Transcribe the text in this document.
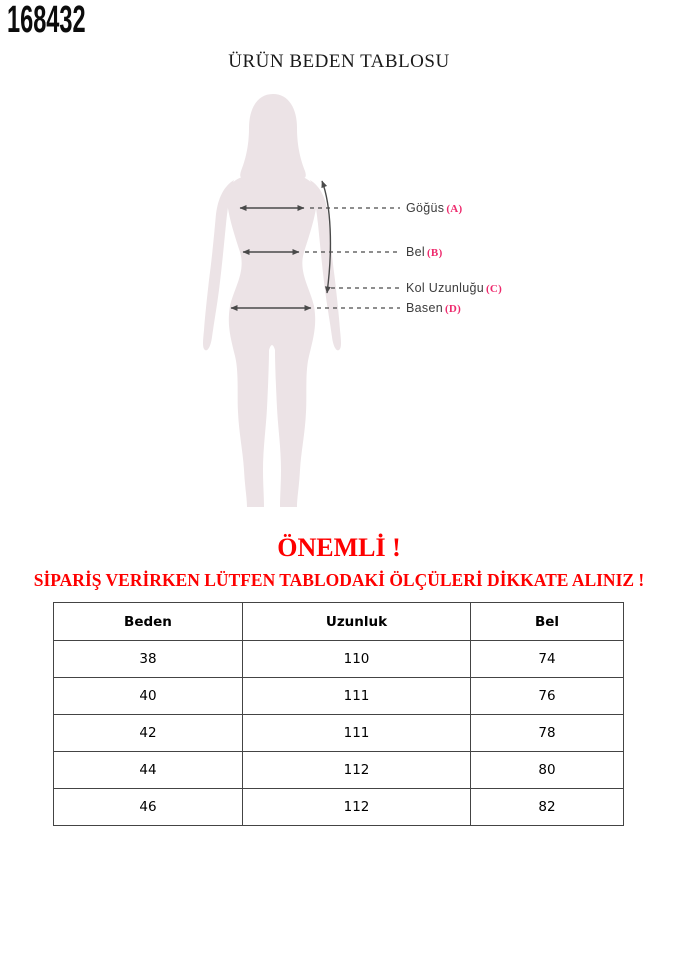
168432
ÜRÜN BEDEN TABLOSU
Göğüs (A)
Bel (B)
Kol Uzunluğu (C)
Basen (D)
ÖNEMLİ !
SİPARİŞ VERİRKEN LÜTFEN TABLODAKİ ÖLÇÜLERİ DİKKATE ALINIZ !
Beden	Uzunluk	Bel
38	110	74
40	111	76
42	111	78
44	112	80
46	112	82
